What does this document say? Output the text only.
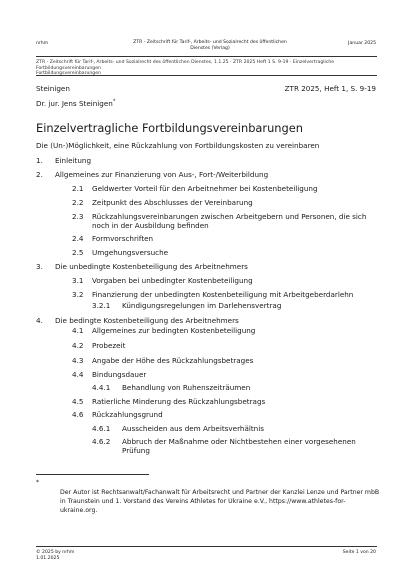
nrhm	ZTR - Zeitschrift für Tarif-, Arbeits- und Sozialrecht des öffentlichen
Dienstes (Verlag)
Januar 2025
ZTR - Zeitschrift für Tarif-, Arbeits- und Sozialrecht des öffentlichen Dienstes, 1.1.25 · ZTR 2025 Heft 1 S. 9-19 · Einzelvertragliche Fortbildungsvereinbarungen
Fortbildungsvereinbarungen
Steinigen	ZTR 2025, Heft 1, S. 9-19
Dr. jur. Jens Steinigen*
Einzelvertragliche Fortbildungsvereinbarungen
Die (Un-)Möglichkeit, eine Rückzahlung von Fortbildungskosten zu vereinbaren
1. Einleitung
2. Allgemeines zur Finanzierung von Aus-, Fort-/Weiterbildung
2.1 Geldwerter Vorteil für den Arbeitnehmer bei Kostenbeteiligung
2.2 Zeitpunkt des Abschlusses der Vereinbarung
2.3 Rückzahlungsvereinbarungen zwischen Arbeitgebern und Personen, die sich noch in der Ausbildung befinden
2.4 Formvorschriften
2.5 Umgehungsversuche
3. Die unbedingte Kostenbeteiligung des Arbeitnehmers
3.1 Vorgaben bei unbedingter Kostenbeteiligung
3.2 Finanzierung der unbedingten Kostenbeteiligung mit Arbeitgeberdarlehn
3.2.1 Kündigungsregelungen im Darlehensvertrag
4. Die bedingte Kostenbeteiligung des Arbeitnehmers
4.1 Allgemeines zur bedingten Kostenbeteiligung
4.2 Probezeit
4.3 Angabe der Höhe des Rückzahlungsbetrages
4.4 Bindungsdauer
4.4.1 Behandlung von Ruhenszeiträumen
4.5 Ratierliche Minderung des Rückzahlungsbetrags
4.6 Rückzahlungsgrund
4.6.1 Ausscheiden aus dem Arbeitsverhältnis
4.6.2 Abbruch der Maßnahme oder Nichtbestehen einer vorgesehenen Prüfung
*
Der Autor ist Rechtsanwalt/Fachanwalt für Arbeitsrecht und Partner der Kanzlei Lenze und Partner mbB in Traunstein und 1. Vorstand des Vereins Athletes for Ukraine e.V., https://www.athletes-for-ukraine.org.
© 2025 by nrhm
1.01.2025
Seite 1 von 20
